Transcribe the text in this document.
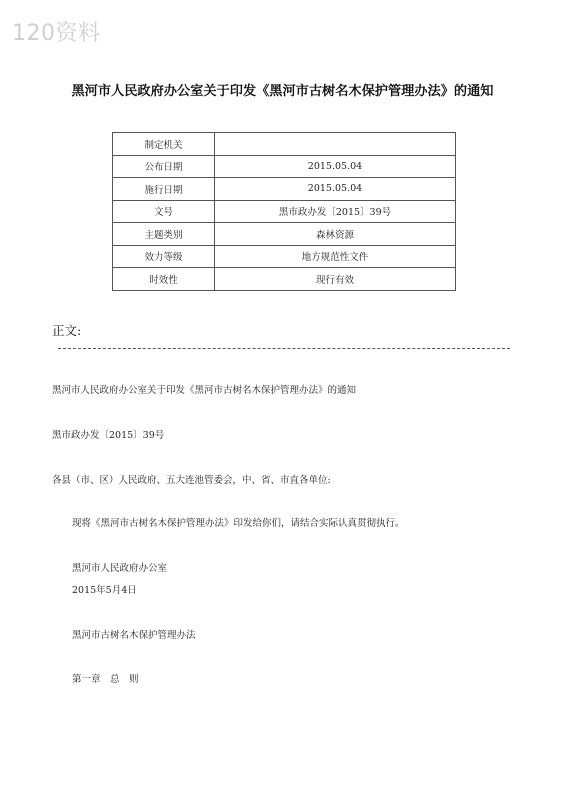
120资料
黑河市人民政府办公室关于印发《黑河市古树名木保护管理办法》的通知
制定机关	
公布日期	2015.05.04
施行日期	2015.05.04
文号	黑市政办发〔2015〕39号
主题类别	森林资源
效力等级	地方规范性文件
时效性	现行有效
正文:
黑河市人民政府办公室关于印发《黑河市古树名木保护管理办法》的通知
黑市政办发〔2015〕39号
各县（市、区）人民政府、五大连池管委会，中、省、市直各单位:
现将《黑河市古树名木保护管理办法》印发给你们，请结合实际认真贯彻执行。
黑河市人民政府办公室
2015年5月4日
黑河市古树名木保护管理办法
第一章　总　则
